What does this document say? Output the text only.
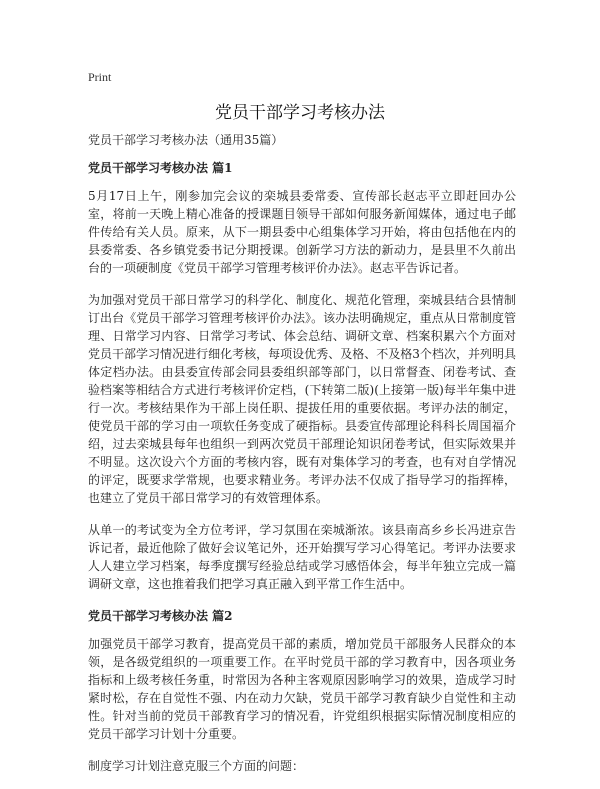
Print
党员干部学习考核办法

党员干部学习考核办法（通用35篇）

党员干部学习考核办法 篇1

5月17日上午，刚参加完会议的栾城县委常委、宣传部长赵志平立即赶回办公室，将前一天晚上精心准备的授课题目领导干部如何服务新闻媒体，通过电子邮件传给有关人员。原来，从下一期县委中心组集体学习开始，将由包括他在内的县委常委、各乡镇党委书记分期授课。创新学习方法的新动力，是县里不久前出台的一项硬制度《党员干部学习管理考核评价办法》。赵志平告诉记者。

为加强对党员干部日常学习的科学化、制度化、规范化管理，栾城县结合县情制订出台《党员干部学习管理考核评价办法》。该办法明确规定，重点从日常制度管理、日常学习内容、日常学习考试、体会总结、调研文章、档案积累六个方面对党员干部学习情况进行细化考核，每项设优秀、及格、不及格3个档次，并列明具体定档办法。由县委宣传部会同县委组织部等部门，以日常督查、闭卷考试、查验档案等相结合方式进行考核评价定档，(下转第二版)(上接第一版)每半年集中进行一次。考核结果作为干部上岗任职、提拔任用的重要依据。考评办法的制定，使党员干部的学习由一项软任务变成了硬指标。县委宣传部理论科科长周国福介绍，过去栾城县每年也组织一到两次党员干部理论知识闭卷考试，但实际效果并不明显。这次设六个方面的考核内容，既有对集体学习的考查，也有对自学情况的评定，既要求学常规，也要求精业务。考评办法不仅成了指导学习的指挥棒，也建立了党员干部日常学习的有效管理体系。

从单一的考试变为全方位考评，学习氛围在栾城渐浓。该县南高乡乡长冯进京告诉记者，最近他除了做好会议笔记外，还开始撰写学习心得笔记。考评办法要求人人建立学习档案，每季度撰写经验总结或学习感悟体会，每半年独立完成一篇调研文章，这也推着我们把学习真正融入到平常工作生活中。

党员干部学习考核办法 篇2

加强党员干部学习教育，提高党员干部的素质，增加党员干部服务人民群众的本领，是各级党组织的一项重要工作。在平时党员干部的学习教育中，因各项业务指标和上级考核任务重，时常因为各种主客观原因影响学习的效果，造成学习时紧时松，存在自觉性不强、内在动力欠缺，党员干部学习教育缺少自觉性和主动性。针对当前的党员干部教育学习的情况看，许党组织根据实际情况制度相应的党员干部学习计划十分重要。

制度学习计划注意克服三个方面的问题：
